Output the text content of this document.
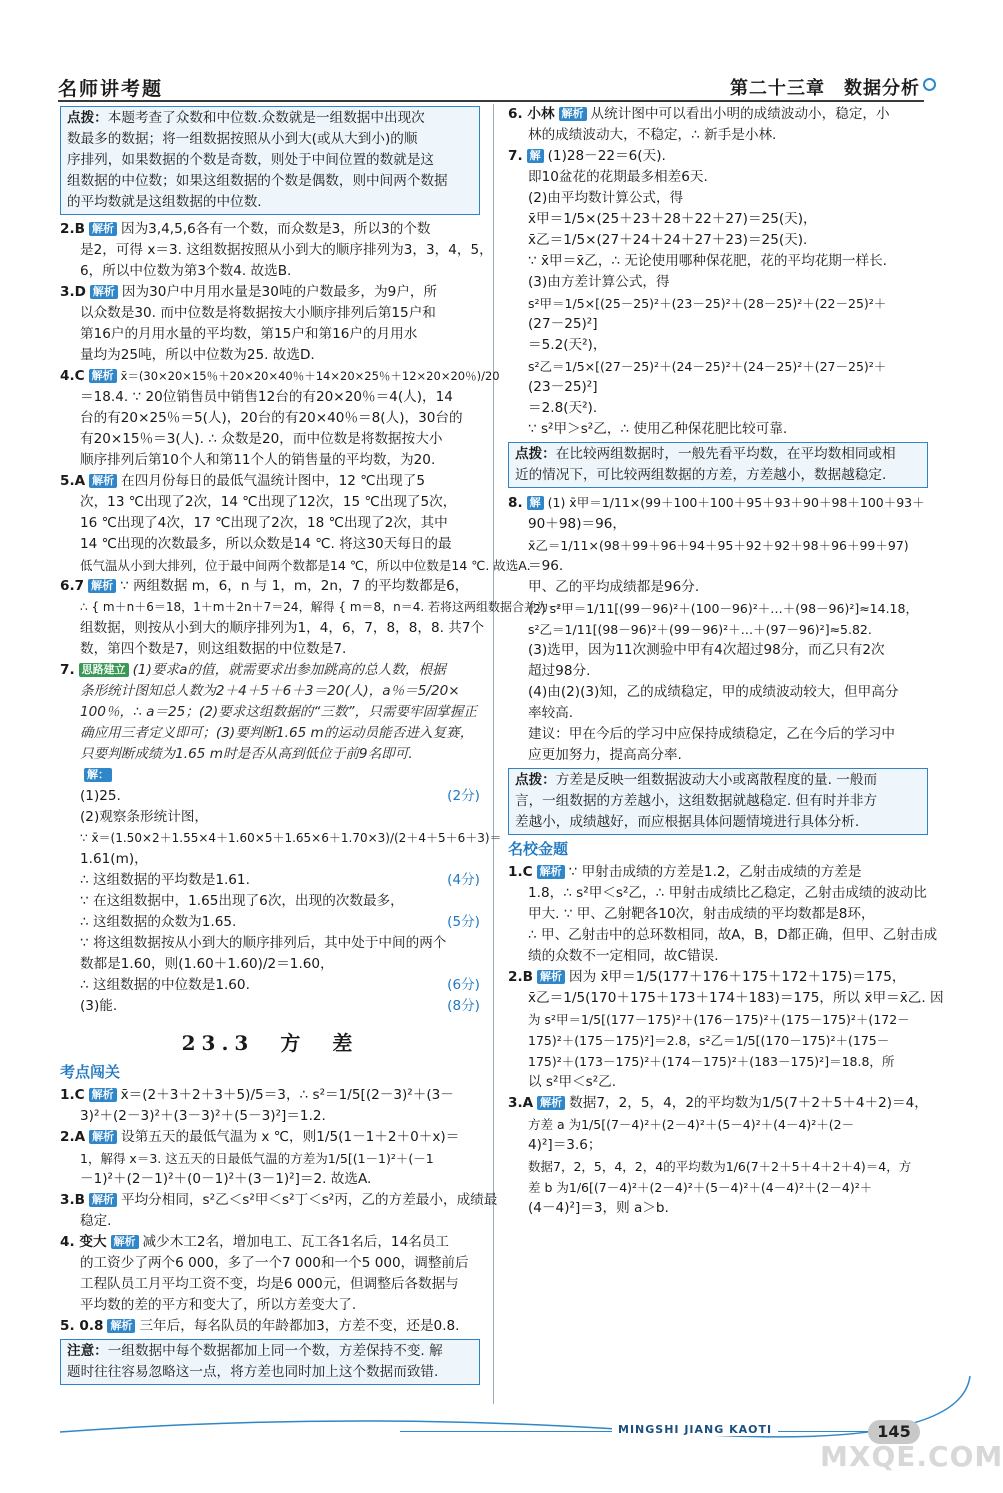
名师讲考题	第二十三章　数据分析
点拨：本题考查了众数和中位数.众数就是一组数据中出现次
数最多的数据；将一组数据按照从小到大(或从大到小)的顺
序排列，如果数据的个数是奇数，则处于中间位置的数就是这
组数据的中位数；如果这组数据的个数是偶数，则中间两个数据
的平均数就是这组数据的中位数.
2.B 解析 因为3,4,5,6各有一个数，而众数是3，所以3的个数
是2，可得 x＝3. 这组数据按照从小到大的顺序排列为3，3，4，5，
6，所以中位数为第3个数4. 故选B.
3.D 解析 因为30户中月用水量是30吨的户数最多，为9户，所
以众数是30. 而中位数是将数据按大小顺序排列后第15户和
第16户的月用水量的平均数，第15户和第16户的月用水
量均为25吨，所以中位数为25. 故选D.
4.C 解析 x̄＝(30×20×15％＋20×20×40％＋14×20×25％＋12×20×20％)/20
＝18.4. ∵ 20位销售员中销售12台的有20×20％＝4(人)，14
台的有20×25％＝5(人)，20台的有20×40％＝8(人)，30台的
有20×15％＝3(人). ∴ 众数是20，而中位数是将数据按大小
顺序排列后第10个人和第11个人的销售量的平均数，为20.
5.A 解析 在四月份每日的最低气温统计图中，12 ℃出现了5
次，13 ℃出现了2次，14 ℃出现了12次，15 ℃出现了5次，
16 ℃出现了4次，17 ℃出现了2次，18 ℃出现了2次，其中
14 ℃出现的次数最多，所以众数是14 ℃. 将这30天每日的最
低气温从小到大排列，位于最中间两个数都是14 ℃，所以中位数是14 ℃. 故选A.
6.7 解析 ∵ 两组数据 m，6，n 与 1，m，2n，7 的平均数都是6，
∴ { m＋n＋6＝18，1＋m＋2n＋7＝24，解得 { m＝8，n＝4. 若将这两组数据合并为一
组数据，则按从小到大的顺序排列为1，4，6，7，8，8，8. 共7个
数，第四个数是7，则这组数据的中位数是7.
7. 思路建立 (1)要求a的值，就需要求出参加跳高的总人数，根据
条形统计图知总人数为2＋4＋5＋6＋3＝20(人)，a％＝5/20×
100％，∴ a＝25；(2)要求这组数据的“三数”，只需要牢固掌握正
确应用三者定义即可；(3)要判断1.65 m的运动员能否进入复赛，
只要判断成绩为1.65 m时是否从高到低位于前9名即可.
解：
(1)25.	(2分)
(2)观察条形统计图，
∵ x̄＝(1.50×2＋1.55×4＋1.60×5＋1.65×6＋1.70×3)/(2＋4＋5＋6＋3)＝
1.61(m)，
∴ 这组数据的平均数是1.61.	(4分)
∵ 在这组数据中，1.65出现了6次，出现的次数最多，
∴ 这组数据的众数为1.65.	(5分)
∵ 将这组数据按从小到大的顺序排列后，其中处于中间的两个
数都是1.60，则(1.60＋1.60)/2＝1.60，
∴ 这组数据的中位数是1.60.	(6分)
(3)能.	(8分)
23.3　方　差
考点闯关
1.C 解析 x̄＝(2＋3＋2＋3＋5)/5＝3，∴ s²＝1/5[(2－3)²＋(3－
3)²＋(2－3)²＋(3－3)²＋(5－3)²]＝1.2.
2.A 解析 设第五天的最低气温为 x ℃，则1/5(1－1＋2＋0＋x)＝
1，解得 x＝3. 这五天的日最低气温的方差为1/5[(1－1)²＋(－1
－1)²＋(2－1)²＋(0－1)²＋(3－1)²]＝2. 故选A.
3.B 解析 平均分相同，s²乙＜s²甲＜s²丁＜s²丙，乙的方差最小，成绩最
稳定.
4. 变大 解析 减少木工2名，增加电工、瓦工各1名后，14名员工
的工资少了两个6 000，多了一个7 000和一个5 000，调整前后
工程队员工月平均工资不变，均是6 000元，但调整后各数据与
平均数的差的平方和变大了，所以方差变大了.
5. 0.8 解析 三年后，每名队员的年龄都加3，方差不变，还是0.8.
注意：一组数据中每个数据都加上同一个数，方差保持不变. 解
题时往往容易忽略这一点，将方差也同时加上这个数据而致错.
6. 小林 解析 从统计图中可以看出小明的成绩波动小，稳定，小
林的成绩波动大，不稳定，∴ 新手是小林.
7. 解 (1)28－22＝6(天).
即10盆花的花期最多相差6天.
(2)由平均数计算公式，得
x̄甲＝1/5×(25＋23＋28＋22＋27)＝25(天)，
x̄乙＝1/5×(27＋24＋24＋27＋23)＝25(天).
∵ x̄甲＝x̄乙，∴ 无论使用哪种保花肥，花的平均花期一样长.
(3)由方差计算公式，得
s²甲＝1/5×[(25－25)²＋(23－25)²＋(28－25)²＋(22－25)²＋
(27－25)²]
＝5.2(天²)，
s²乙＝1/5×[(27－25)²＋(24－25)²＋(24－25)²＋(27－25)²＋
(23－25)²]
＝2.8(天²).
∵ s²甲＞s²乙，∴ 使用乙种保花肥比较可靠.
点拨：在比较两组数据时，一般先看平均数，在平均数相同或相
近的情况下，可比较两组数据的方差，方差越小，数据越稳定.
8. 解 (1) x̄甲＝1/11×(99＋100＋100＋95＋93＋90＋98＋100＋93＋
90＋98)＝96，
x̄乙＝1/11×(98＋99＋96＋94＋95＋92＋92＋98＋96＋99＋97)
＝96.
甲、乙的平均成绩都是96分.
(2) s²甲＝1/11[(99－96)²＋(100－96)²＋…＋(98－96)²]≈14.18，
s²乙＝1/11[(98－96)²＋(99－96)²＋…＋(97－96)²]≈5.82.
(3)选甲，因为11次测验中甲有4次超过98分，而乙只有2次
超过98分.
(4)由(2)(3)知，乙的成绩稳定，甲的成绩波动较大，但甲高分
率较高.
建议：甲在今后的学习中应保持成绩稳定，乙在今后的学习中
应更加努力，提高高分率.
点拨：方差是反映一组数据波动大小或离散程度的量. 一般而
言，一组数据的方差越小，这组数据就越稳定. 但有时并非方
差越小，成绩越好，而应根据具体问题情境进行具体分析.
名校金题
1.C 解析 ∵ 甲射击成绩的方差是1.2，乙射击成绩的方差是
1.8，∴ s²甲＜s²乙，∴ 甲射击成绩比乙稳定，乙射击成绩的波动比
甲大. ∵ 甲、乙射靶各10次，射击成绩的平均数都是8环，
∴ 甲、乙射击中的总环数相同，故A，B，D都正确，但甲、乙射击成
绩的众数不一定相同，故C错误.
2.B 解析 因为 x̄甲＝1/5(177＋176＋175＋172＋175)＝175，
x̄乙＝1/5(170＋175＋173＋174＋183)＝175，所以 x̄甲＝x̄乙. 因
为 s²甲＝1/5[(177－175)²＋(176－175)²＋(175－175)²＋(172－
175)²＋(175－175)²]＝2.8，s²乙＝1/5[(170－175)²＋(175－
175)²＋(173－175)²＋(174－175)²＋(183－175)²]＝18.8，所
以 s²甲＜s²乙.
3.A 解析 数据7，2，5，4，2的平均数为1/5(7＋2＋5＋4＋2)＝4，
方差 a 为1/5[(7－4)²＋(2－4)²＋(5－4)²＋(4－4)²＋(2－
4)²]＝3.6；
数据7，2，5，4，2，4的平均数为1/6(7＋2＋5＋4＋2＋4)＝4，方
差 b 为1/6[(7－4)²＋(2－4)²＋(5－4)²＋(4－4)²＋(2－4)²＋
(4－4)²]＝3，则 a＞b.
MINGSHI JIANG KAOTI	145
MXQE.COM
